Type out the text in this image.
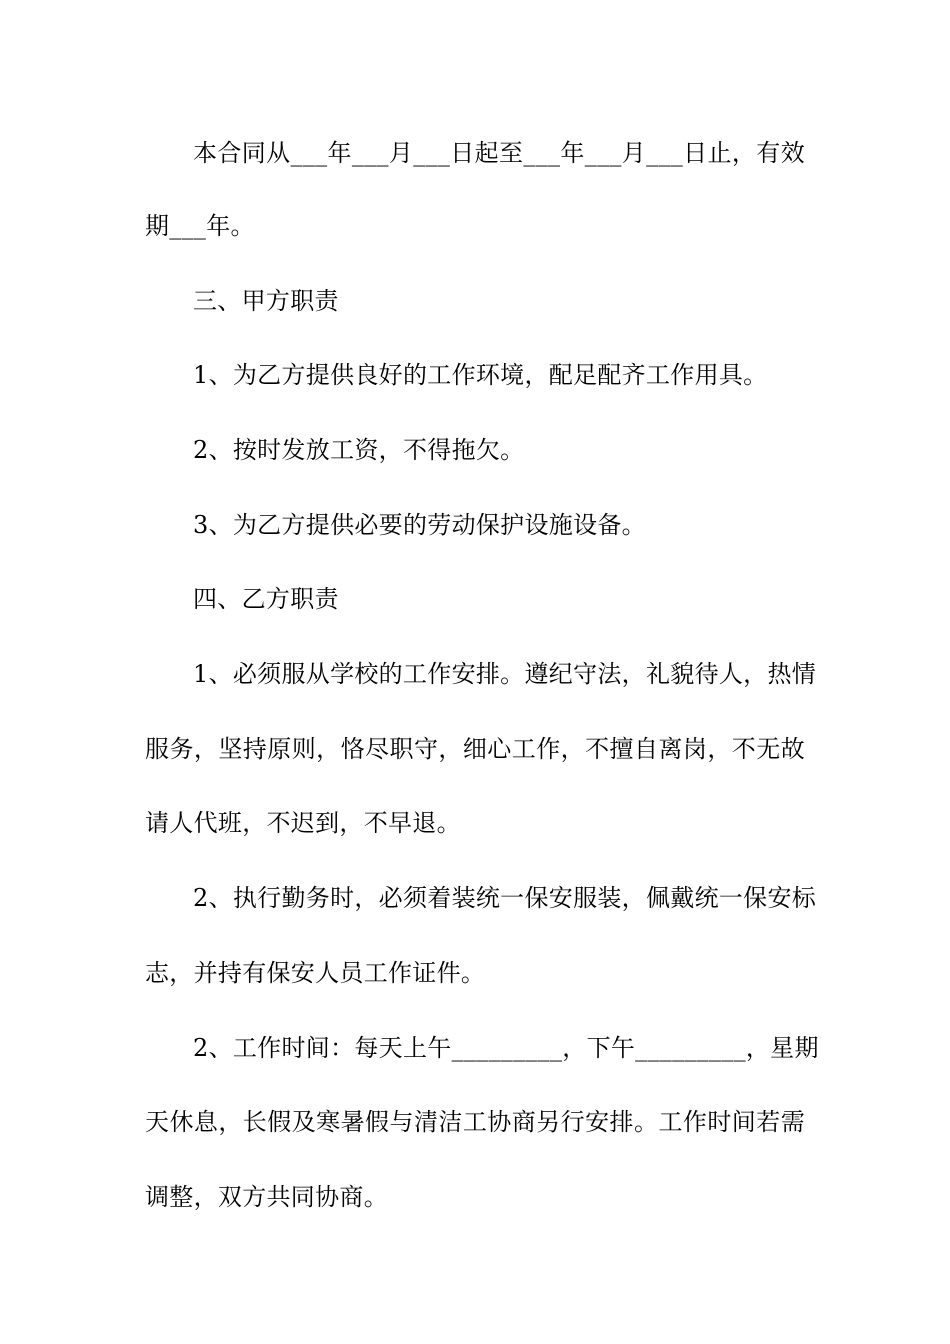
本合同从___年___月___日起至___年___月___日止，有效
期___年。
三、甲方职责
1、为乙方提供良好的工作环境，配足配齐工作用具。
2、按时发放工资，不得拖欠。
3、为乙方提供必要的劳动保护设施设备。
四、乙方职责
1、必须服从学校的工作安排。遵纪守法，礼貌待人，热情
服务，坚持原则，恪尽职守，细心工作，不擅自离岗，不无故
请人代班，不迟到，不早退。
2、执行勤务时，必须着装统一保安服装，佩戴统一保安标
志，并持有保安人员工作证件。
2、工作时间：每天上午_________，下午_________，星期
天休息，长假及寒暑假与清洁工协商另行安排。工作时间若需
调整，双方共同协商。
